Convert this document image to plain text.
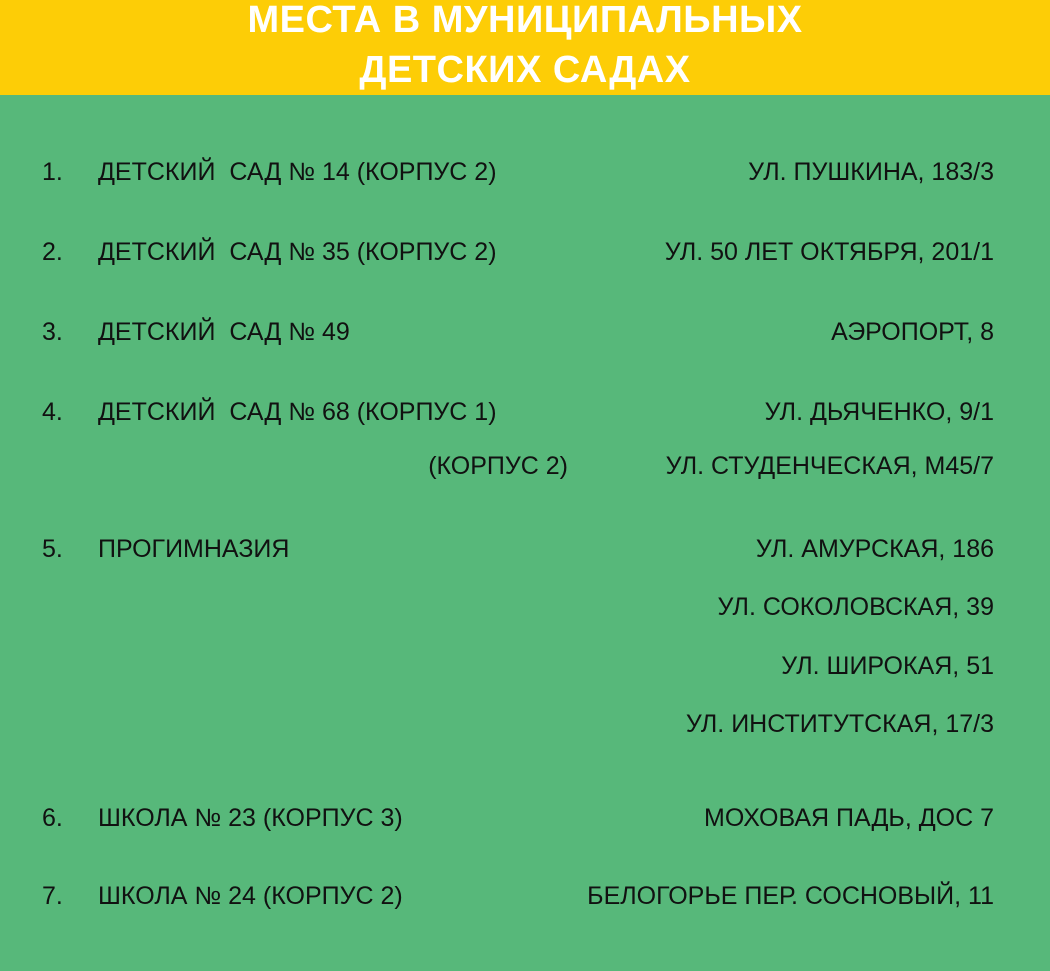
МЕСТА В МУНИЦИПАЛЬНЫХ
ДЕТСКИХ САДАХ
1. ДЕТСКИЙ  САД № 14 (КОРПУС 2)	УЛ. ПУШКИНА, 183/3
2. ДЕТСКИЙ  САД № 35 (КОРПУС 2)	УЛ. 50 ЛЕТ ОКТЯБРЯ, 201/1
3. ДЕТСКИЙ  САД № 49	АЭРОПОРТ, 8
4. ДЕТСКИЙ  САД № 68 (КОРПУС 1)	УЛ. ДЬЯЧЕНКО, 9/1
(КОРПУС 2)	УЛ. СТУДЕНЧЕСКАЯ, М45/7
5. ПРОГИМНАЗИЯ	УЛ. АМУРСКАЯ, 186
УЛ. СОКОЛОВСКАЯ, 39
УЛ. ШИРОКАЯ, 51
УЛ. ИНСТИТУТСКАЯ, 17/3
6. ШКОЛА № 23 (КОРПУС 3)	МОХОВАЯ ПАДЬ, ДОС 7
7. ШКОЛА № 24 (КОРПУС 2)	БЕЛОГОРЬЕ ПЕР. СОСНОВЫЙ, 11
